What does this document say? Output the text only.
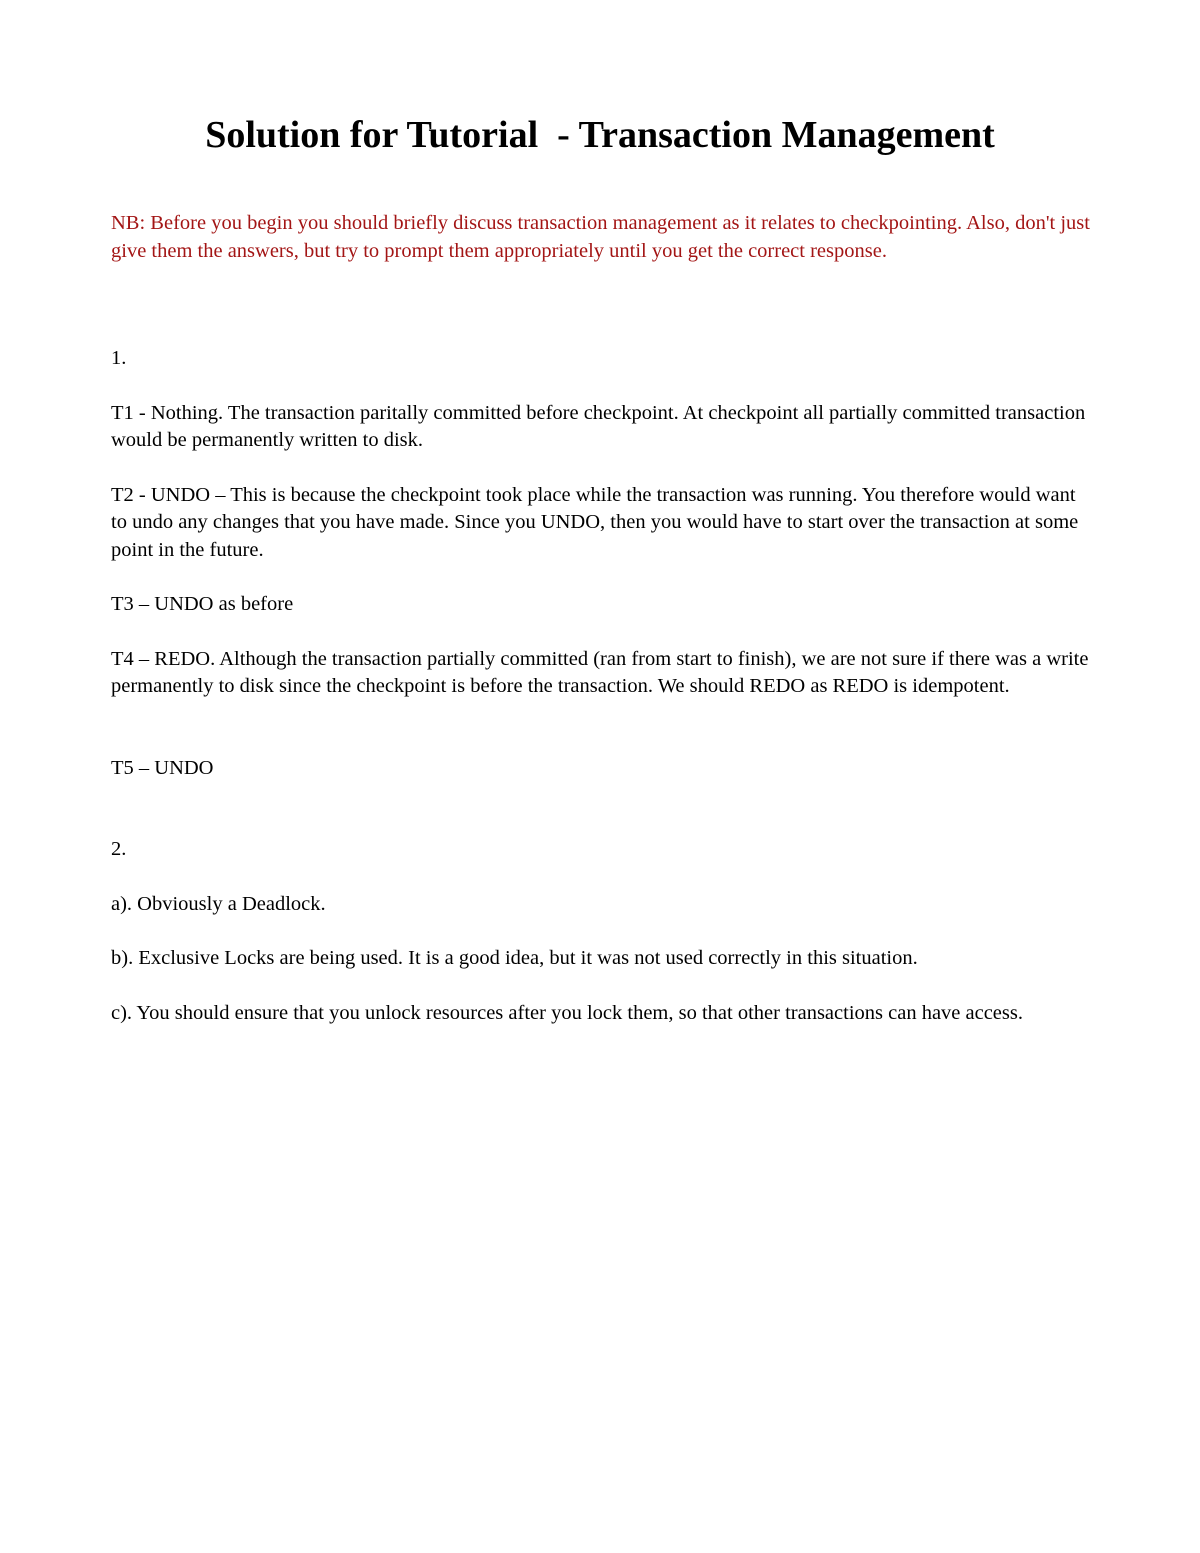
Solution for Tutorial  - Transaction Management

NB: Before you begin you should briefly discuss transaction management as it relates to checkpointing. Also, don't just give them the answers, but try to prompt them appropriately until you get the correct response.

1.

T1 - Nothing. The transaction paritally committed before checkpoint. At checkpoint all partially committed transaction would be permanently written to disk.

T2 - UNDO – This is because the checkpoint took place while the transaction was running. You therefore would want to undo any changes that you have made. Since you UNDO, then you would have to start over the transaction at some point in the future.

T3 – UNDO as before

T4 – REDO. Although the transaction partially committed (ran from start to finish), we are not sure if there was a write permanently to disk since the checkpoint is before the transaction. We should REDO as REDO is idempotent.

T5 – UNDO

2.

a). Obviously a Deadlock.

b). Exclusive Locks are being used. It is a good idea, but it was not used correctly in this situation.

c). You should ensure that you unlock resources after you lock them, so that other transactions can have access.
